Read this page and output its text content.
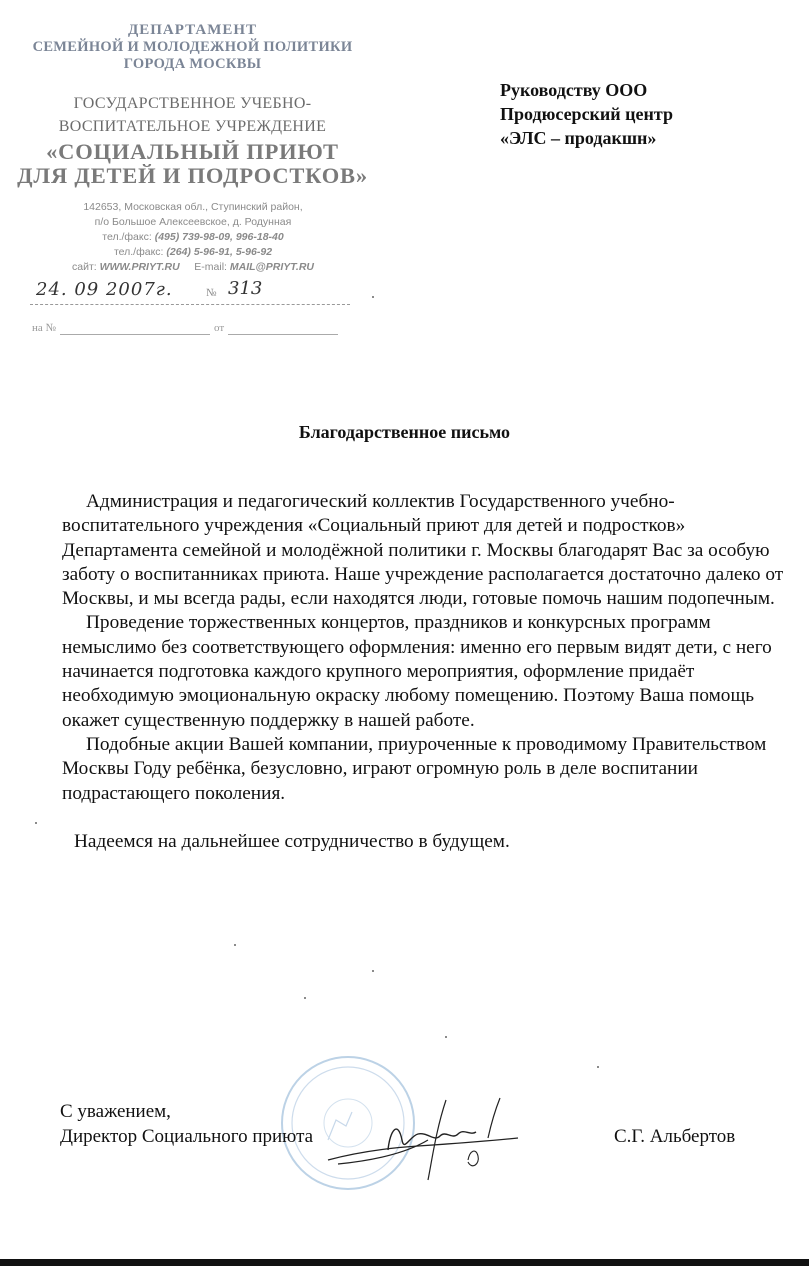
ДЕПАРТАМЕНТ
СЕМЕЙНОЙ И МОЛОДЕЖНОЙ ПОЛИТИКИ
ГОРОДА МОСКВЫ
ГОСУДАРСТВЕННОЕ УЧЕБНО-
ВОСПИТАТЕЛЬНОЕ УЧРЕЖДЕНИЕ
«СОЦИАЛЬНЫЙ ПРИЮТ
ДЛЯ ДЕТЕЙ И ПОДРОСТКОВ»
142653, Московская обл., Ступинский район,
п/о Большое Алексеевское, д. Родунная
тел./факс: (495) 739-98-09, 996-18-40
тел./факс: (264) 5-96-91, 5-96-92
сайт: WWW.PRIYT.RU E-mail: MAIL@PRIYT.RU
24. 09 2007г.	№ 313
на №	от
Руководству ООО
Продюсерский центр
«ЭЛС – продакшн»
Благодарственное письмо

Администрация и педагогический коллектив Государственного учебно-воспитательного учреждения «Социальный приют для детей и подростков» Департамента семейной и молодёжной политики г. Москвы благодарят Вас за особую заботу о воспитанниках приюта. Наше учреждение располагается достаточно далеко от Москвы, и мы всегда рады, если находятся люди, готовые помочь нашим подопечным.

Проведение торжественных концертов, праздников и конкурсных программ немыслимо без соответствующего оформления: именно его первым видят дети, с него начинается подготовка каждого крупного мероприятия, оформление придаёт необходимую эмоциональную окраску любому помещению. Поэтому Ваша помощь окажет существенную поддержку в нашей работе.

Подобные акции Вашей компании, приуроченные к проводимому Правительством Москвы Году ребёнка, безусловно, играют огромную роль в деле воспитании подрастающего поколения.

Надеемся на дальнейшее сотрудничество в будущем.

С уважением,
Директор Социального приюта	С.Г. Альбертов
